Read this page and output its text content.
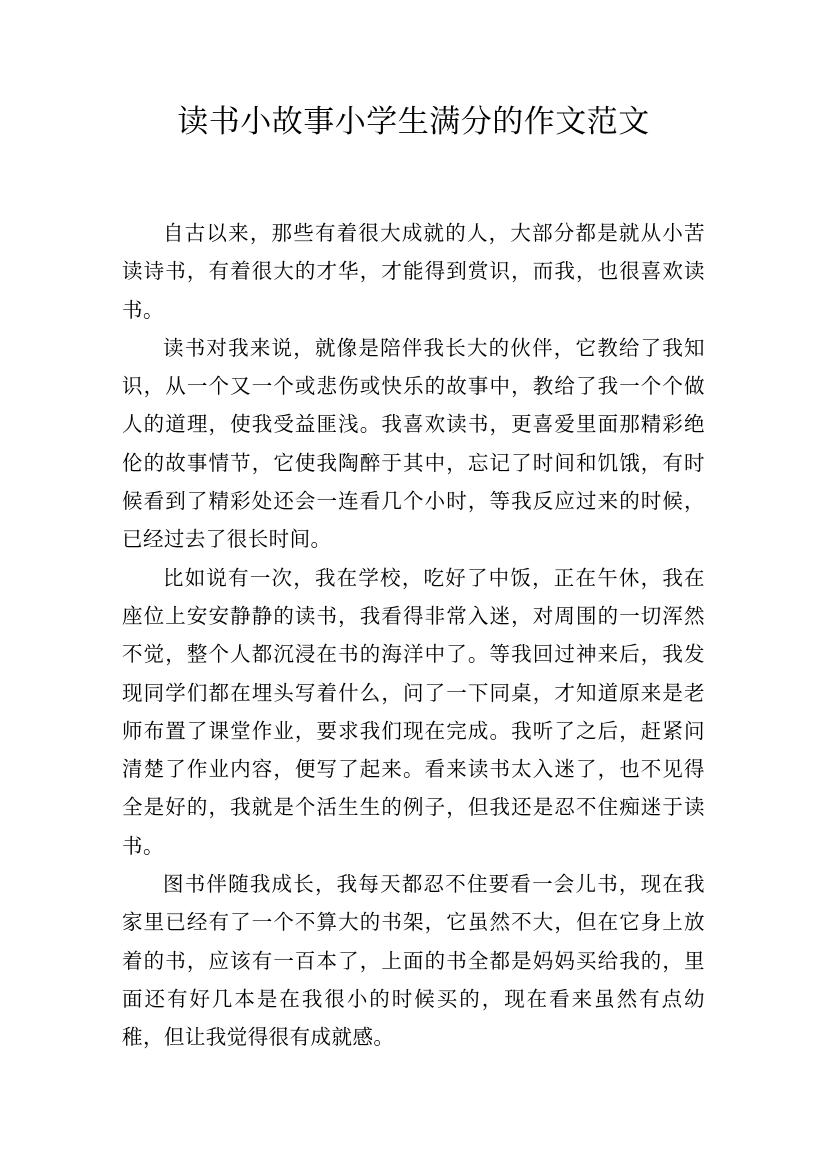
读书小故事小学生满分的作文范文

自古以来，那些有着很大成就的人，大部分都是就从小苦读诗书，有着很大的才华，才能得到赏识，而我，也很喜欢读书。

读书对我来说，就像是陪伴我长大的伙伴，它教给了我知识，从一个又一个或悲伤或快乐的故事中，教给了我一个个做人的道理，使我受益匪浅。我喜欢读书，更喜爱里面那精彩绝伦的故事情节，它使我陶醉于其中，忘记了时间和饥饿，有时候看到了精彩处还会一连看几个小时，等我反应过来的时候，已经过去了很长时间。

比如说有一次，我在学校，吃好了中饭，正在午休，我在座位上安安静静的读书，我看得非常入迷，对周围的一切浑然不觉，整个人都沉浸在书的海洋中了。等我回过神来后，我发现同学们都在埋头写着什么，问了一下同桌，才知道原来是老师布置了课堂作业，要求我们现在完成。我听了之后，赶紧问清楚了作业内容，便写了起来。看来读书太入迷了，也不见得全是好的，我就是个活生生的例子，但我还是忍不住痴迷于读书。

图书伴随我成长，我每天都忍不住要看一会儿书，现在我家里已经有了一个不算大的书架，它虽然不大，但在它身上放着的书，应该有一百本了，上面的书全都是妈妈买给我的，里面还有好几本是在我很小的时候买的，现在看来虽然有点幼稚，但让我觉得很有成就感。
